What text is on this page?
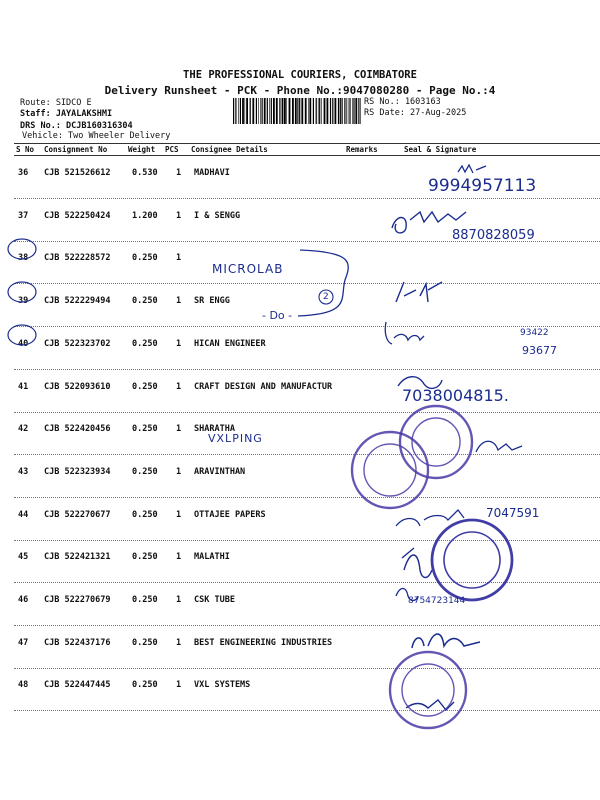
THE PROFESSIONAL COURIERS, COIMBATORE
Delivery Runsheet - PCK - Phone No.:9047080280 - Page No.:4
Route: SIDCO E
Staff: JAYALAKSHMI
DRS No.: DCJB160316304
Vehicle: Two Wheeler Delivery
RS No.: 1603163
RS Date: 27-Aug-2025
S No Consignment No	Weight PCS Consignee Details	Remarks	Seal & Signature
36 CJB 521526612	0.530 1 MADHAVI
37 CJB 522250424	1.200 1 I & SENGG
38 CJB 522228572	0.250 1
39 CJB 522229494	0.250 1 SR ENGG
40 CJB 522323702	0.250 1 HICAN ENGINEER
41 CJB 522093610	0.250 1 CRAFT DESIGN AND MANUFACTUR
42 CJB 522420456	0.250 1 SHARATHA
43 CJB 522323934	0.250 1 ARAVINTHAN
44 CJB 522270677	0.250 1 OTTAJEE PAPERS
45 CJB 522421321	0.250 1 MALATHI
46 CJB 522270679	0.250 1 CSK TUBE
47 CJB 522437176	0.250 1 BEST ENGINEERING INDUSTRIES
48 CJB 522447445	0.250 1 VXL SYSTEMS
9994957113
8870828059
MICROLAB
- Do -
2
93422
93677
7038004815.
VXLPING
7047591
8754723144
